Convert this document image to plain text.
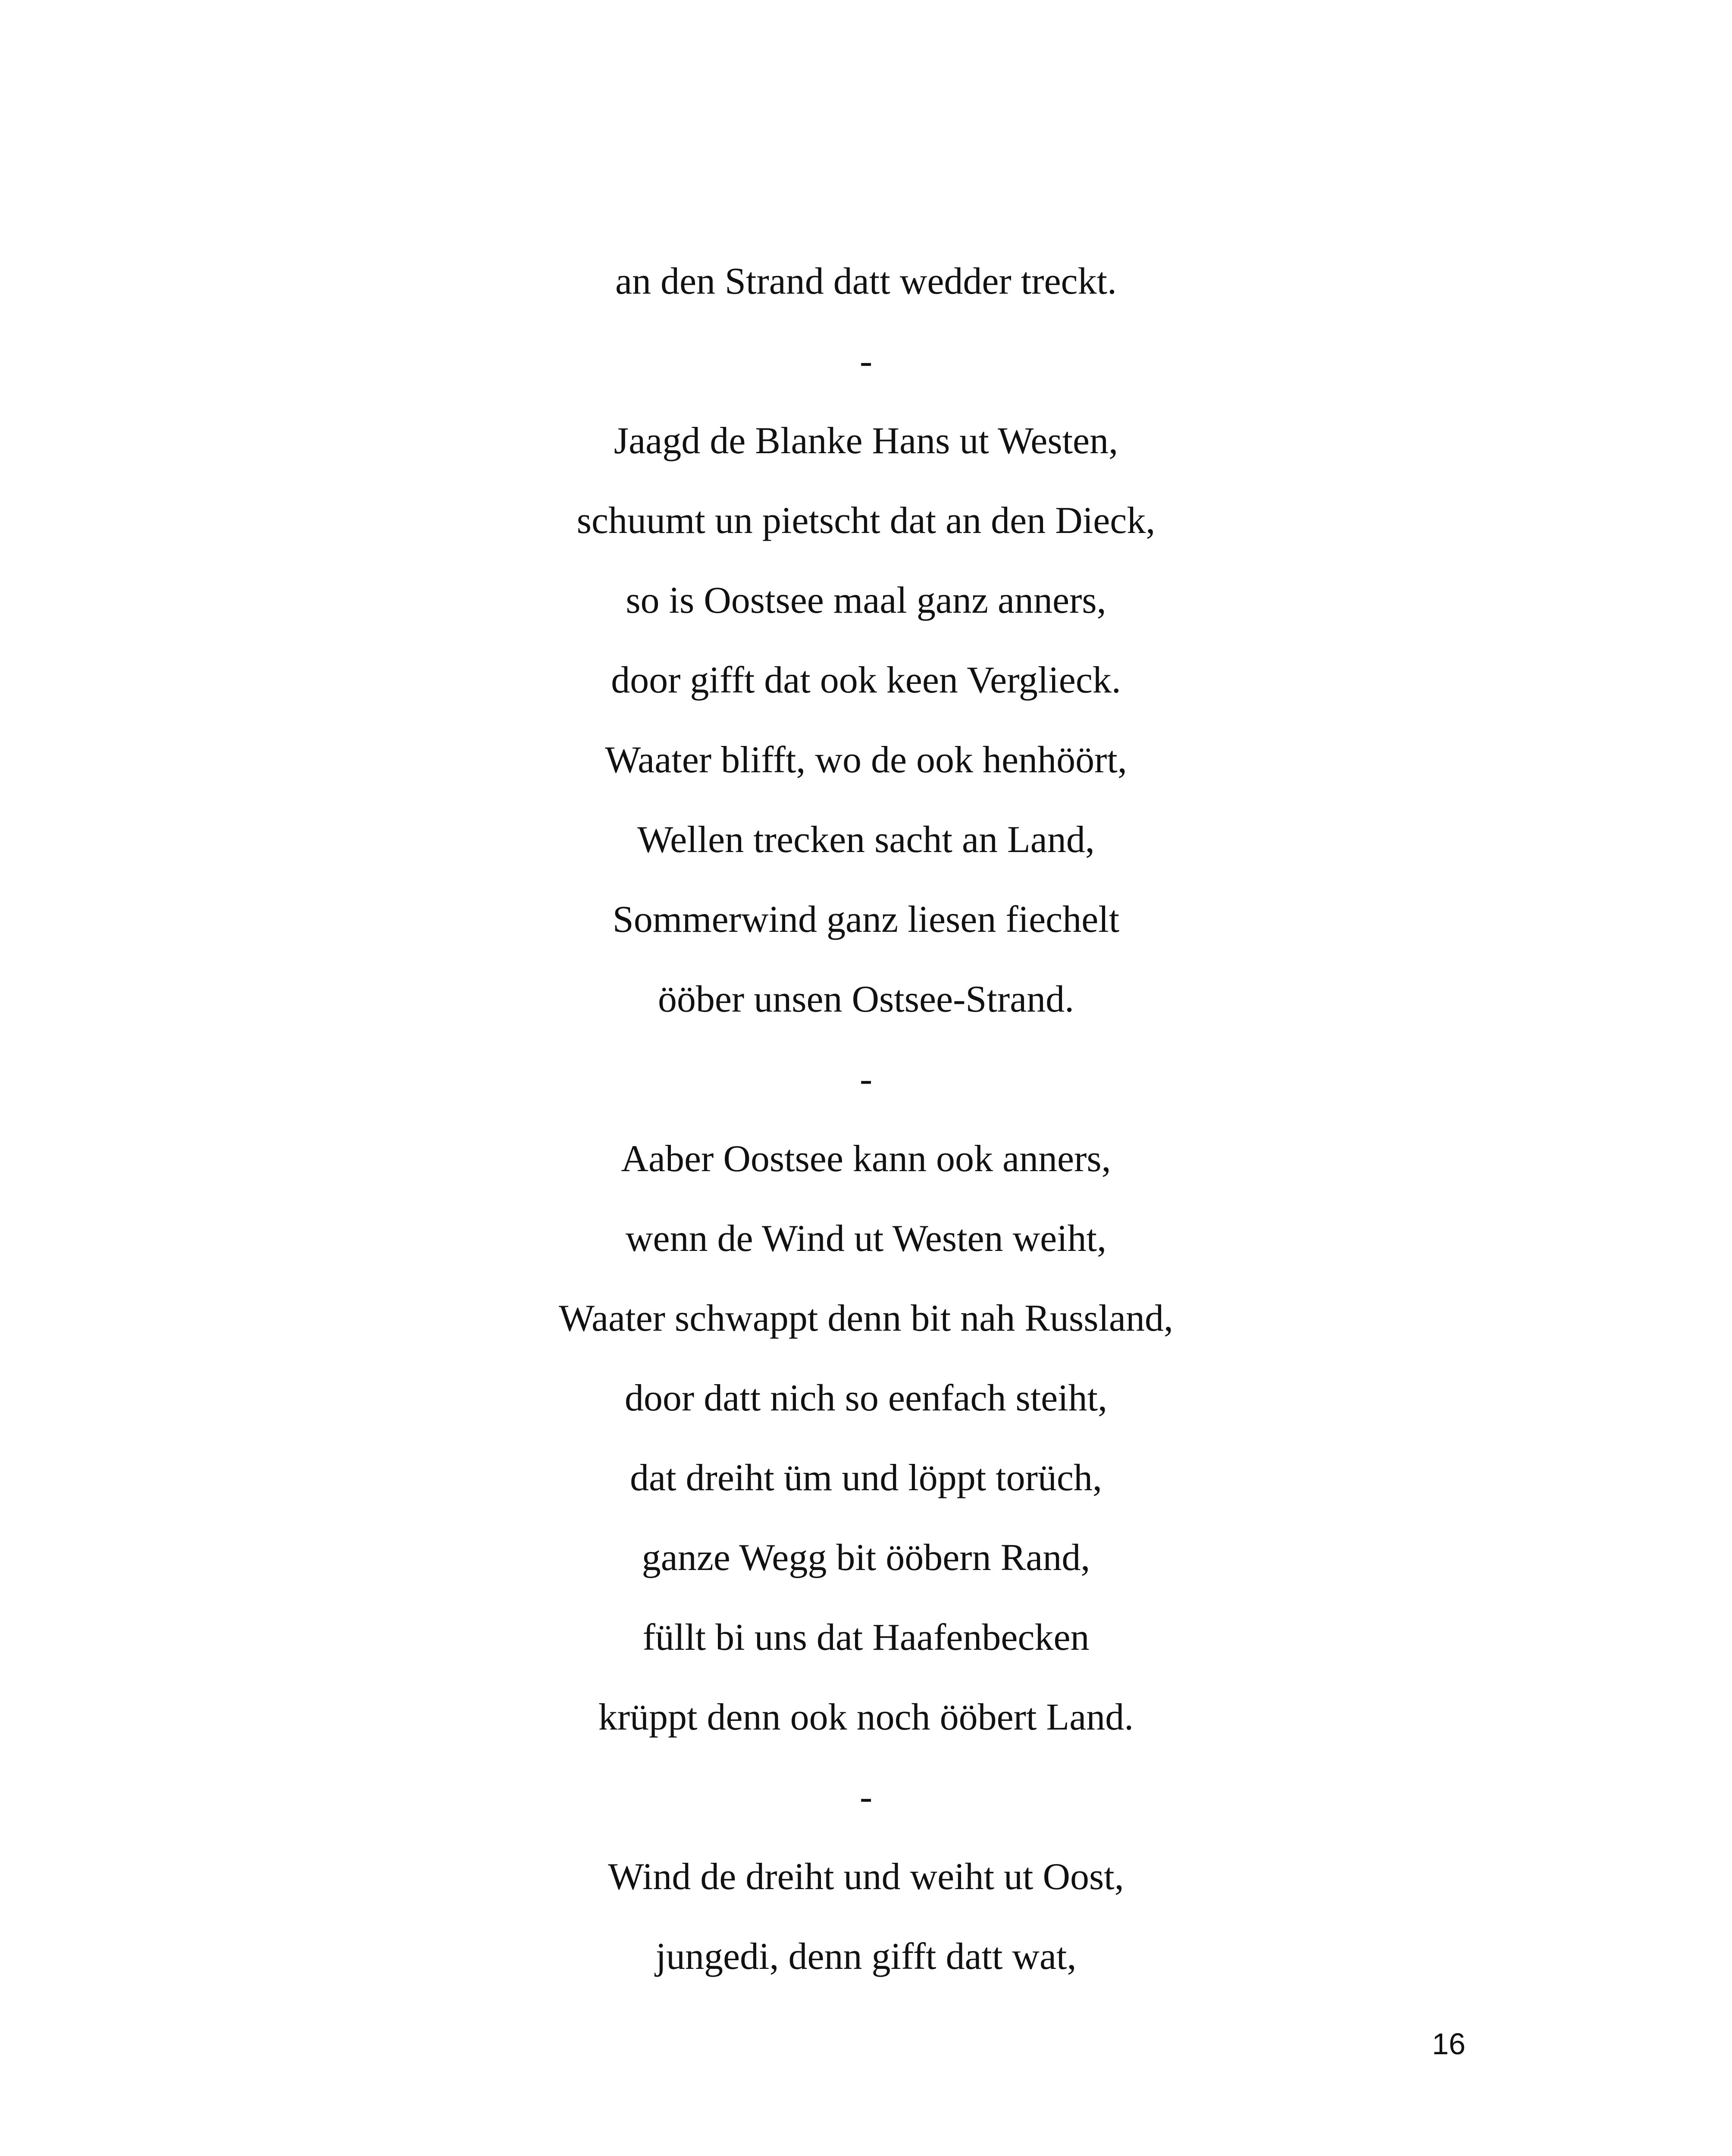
an den Strand datt wedder treckt.
-
Jaagd de Blanke Hans ut Westen,
schuumt un pietscht dat an den Dieck,
so is Oostsee maal ganz anners,
door gifft dat ook keen Verglieck.
Waater blifft, wo de ook henhöört,
Wellen trecken sacht an Land,
Sommerwind ganz liesen fiechelt
ööber unsen Ostsee-Strand.
-
Aaber Oostsee kann ook anners,
wenn de Wind ut Westen weiht,
Waater schwappt denn bit nah Russland,
door datt nich so eenfach steiht,
dat dreiht üm und löppt torüch,
ganze Wegg bit ööbern Rand,
füllt bi uns dat Haafenbecken
krüppt denn ook noch ööbert Land.
-
Wind de dreiht und weiht ut Oost,
jungedi, denn gifft datt wat,
16
